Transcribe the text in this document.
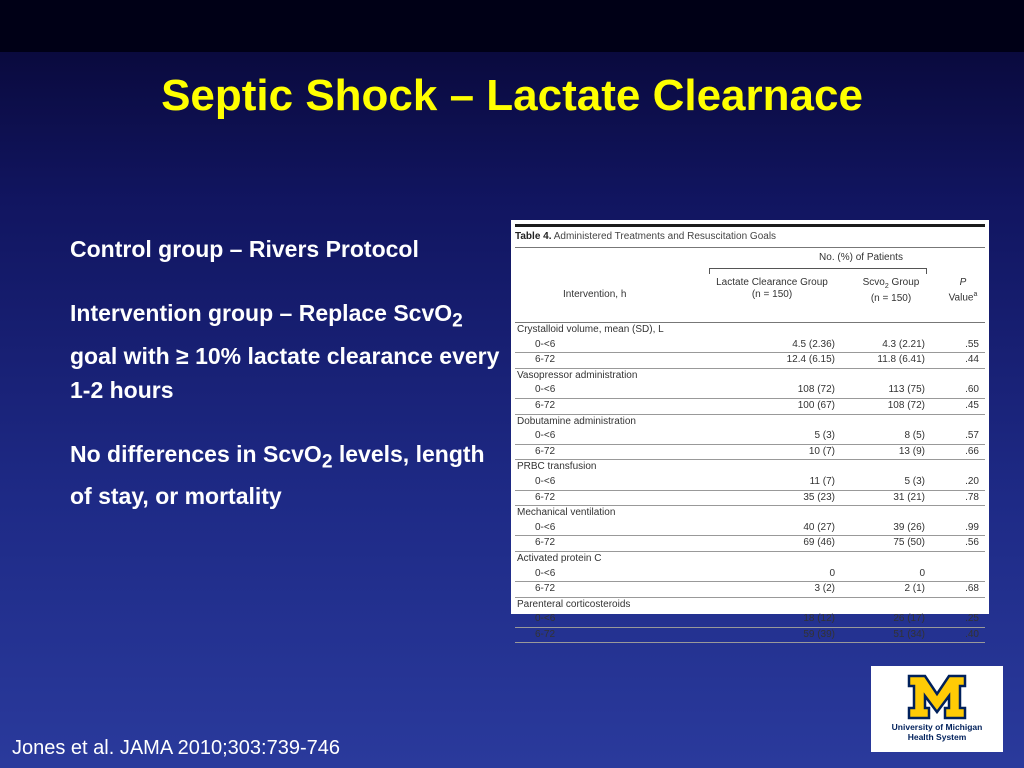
Septic Shock – Lactate Clearnace

Control group – Rivers Protocol

Intervention group – Replace ScvO$_2$ goal with ≥ 10% lactate clearance every 1-2 hours

No differences in ScvO$_2$ levels, length of stay, or mortality

Table 4. Administered Treatments and Resuscitation Goals
No. (%) of Patients
Intervention, h
Lactate Clearance Group
(n = 150)
Scvo$_2$ Group
(n = 150)
P
Value$^a$
Crystalloid volume, mean (SD), L
0-<6	4.5 (2.36)	4.3 (2.21)	.55
6-72	12.4 (6.15)	11.8 (6.41)	.44
Vasopressor administration
0-<6	108 (72)	113 (75)	.60
6-72	100 (67)	108 (72)	.45
Dobutamine administration
0-<6	5 (3)	8 (5)	.57
6-72	10 (7)	13 (9)	.66
PRBC transfusion
0-<6	11 (7)	5 (3)	.20
6-72	35 (23)	31 (21)	.78
Mechanical ventilation
0-<6	40 (27)	39 (26)	.99
6-72	69 (46)	75 (50)	.56
Activated protein C
0-<6	0	0
6-72	3 (2)	2 (1)	.68
Parenteral corticosteroids
0-<6	18 (12)	26 (17)	.25
6-72	59 (39)	51 (34)	.40
Jones et al. JAMA 2010;303:739-746
University of Michigan
Health System
